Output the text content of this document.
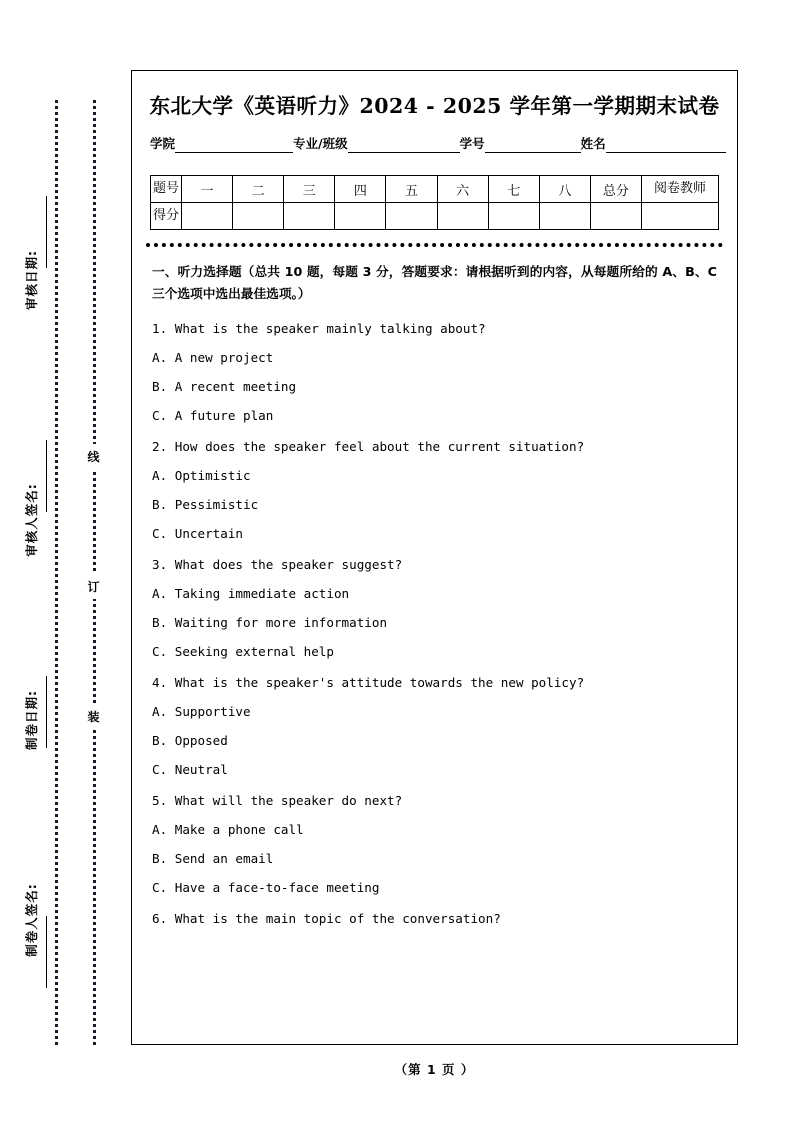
审核日期:
审核人签名:
制卷日期:
制卷人签名:
线
订
装
东北大学《英语听力》2024 - 2025 学年第一学期期末试卷
学院	专业/班级	学号	姓名
题号	一	二	三	四	五	六	七	八	总分	阅卷教师
得分										
一、听力选择题（总共 10 题，每题 3 分，答题要求：请根据听到的内容，从每题所给的 A、B、C 三个选项中选出最佳选项。）
1. What is the speaker mainly talking about?
A. A new project
B. A recent meeting
C. A future plan
2. How does the speaker feel about the current situation?
A. Optimistic
B. Pessimistic
C. Uncertain
3. What does the speaker suggest?
A. Taking immediate action
B. Waiting for more information
C. Seeking external help
4. What is the speaker's attitude towards the new policy?
A. Supportive
B. Opposed
C. Neutral
5. What will the speaker do next?
A. Make a phone call
B. Send an email
C. Have a face-to-face meeting
6. What is the main topic of the conversation?
（第 1 页 ）
